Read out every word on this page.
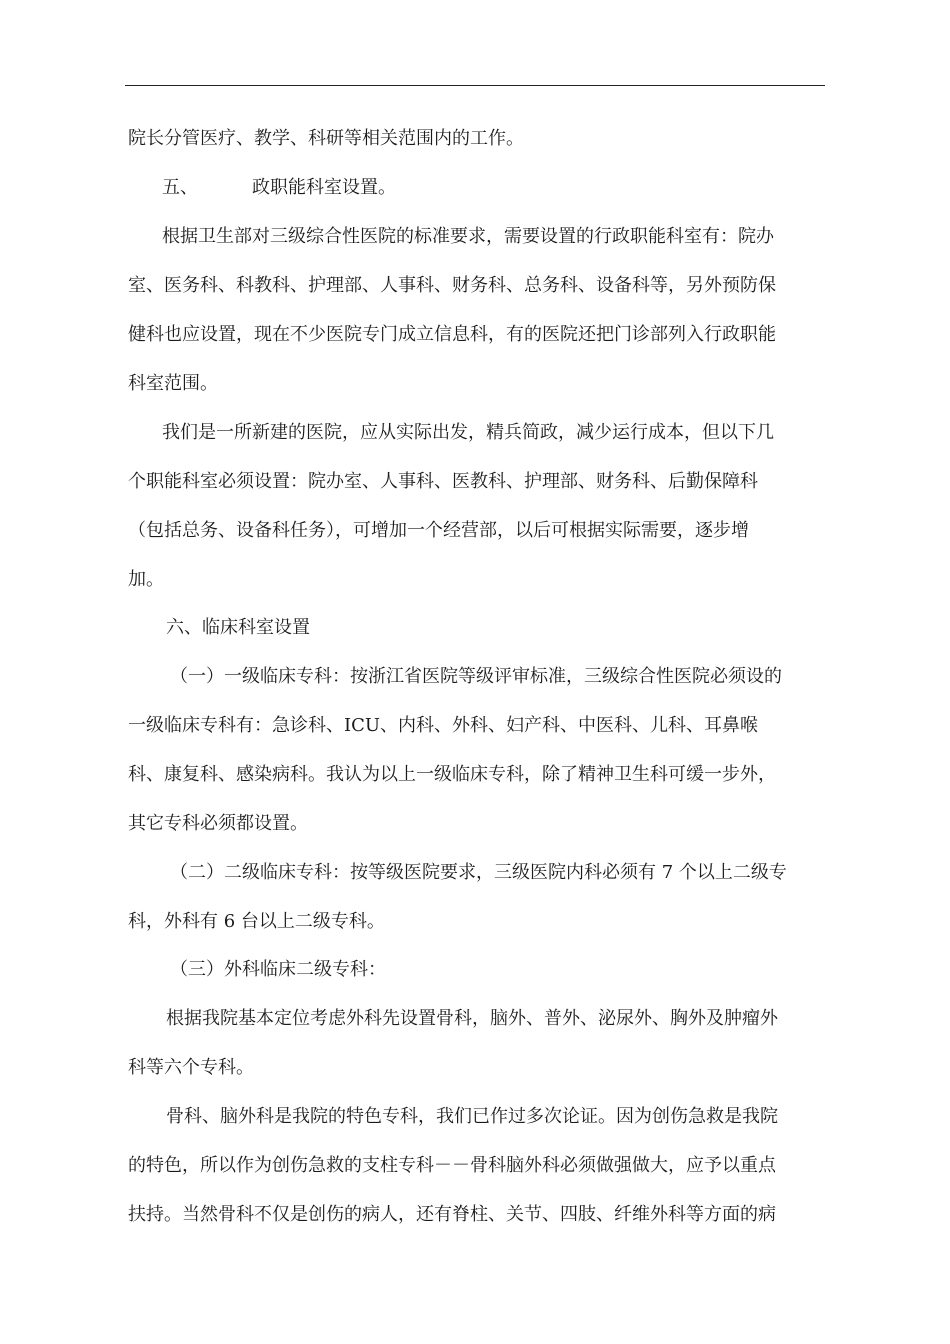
院长分管医疗、教学、科研等相关范围内的工作。
五、	政职能科室设置。
根据卫生部对三级综合性医院的标准要求，需要设置的行政职能科室有：院办
室、医务科、科教科、护理部、人事科、财务科、总务科、设备科等，另外预防保
健科也应设置，现在不少医院专门成立信息科，有的医院还把门诊部列入行政职能
科室范围。
我们是一所新建的医院，应从实际出发，精兵简政，减少运行成本，但以下几
个职能科室必须设置：院办室、人事科、医教科、护理部、财务科、后勤保障科
（包括总务、设备科任务），可增加一个经营部，以后可根据实际需要，逐步增
加。
六、临床科室设置
（一）一级临床专科：按浙江省医院等级评审标准，三级综合性医院必须设的
一级临床专科有：急诊科、ICU、内科、外科、妇产科、中医科、儿科、耳鼻喉
科、康复科、感染病科。我认为以上一级临床专科，除了精神卫生科可缓一步外，
其它专科必须都设置。
（二）二级临床专科：按等级医院要求，三级医院内科必须有 7 个以上二级专
科，外科有 6 台以上二级专科。
（三）外科临床二级专科：
根据我院基本定位考虑外科先设置骨科，脑外、普外、泌尿外、胸外及肿瘤外
科等六个专科。
骨科、脑外科是我院的特色专科，我们已作过多次论证。因为创伤急救是我院
的特色，所以作为创伤急救的支柱专科－－骨科脑外科必须做强做大，应予以重点
扶持。当然骨科不仅是创伤的病人，还有脊柱、关节、四肢、纤维外科等方面的病
